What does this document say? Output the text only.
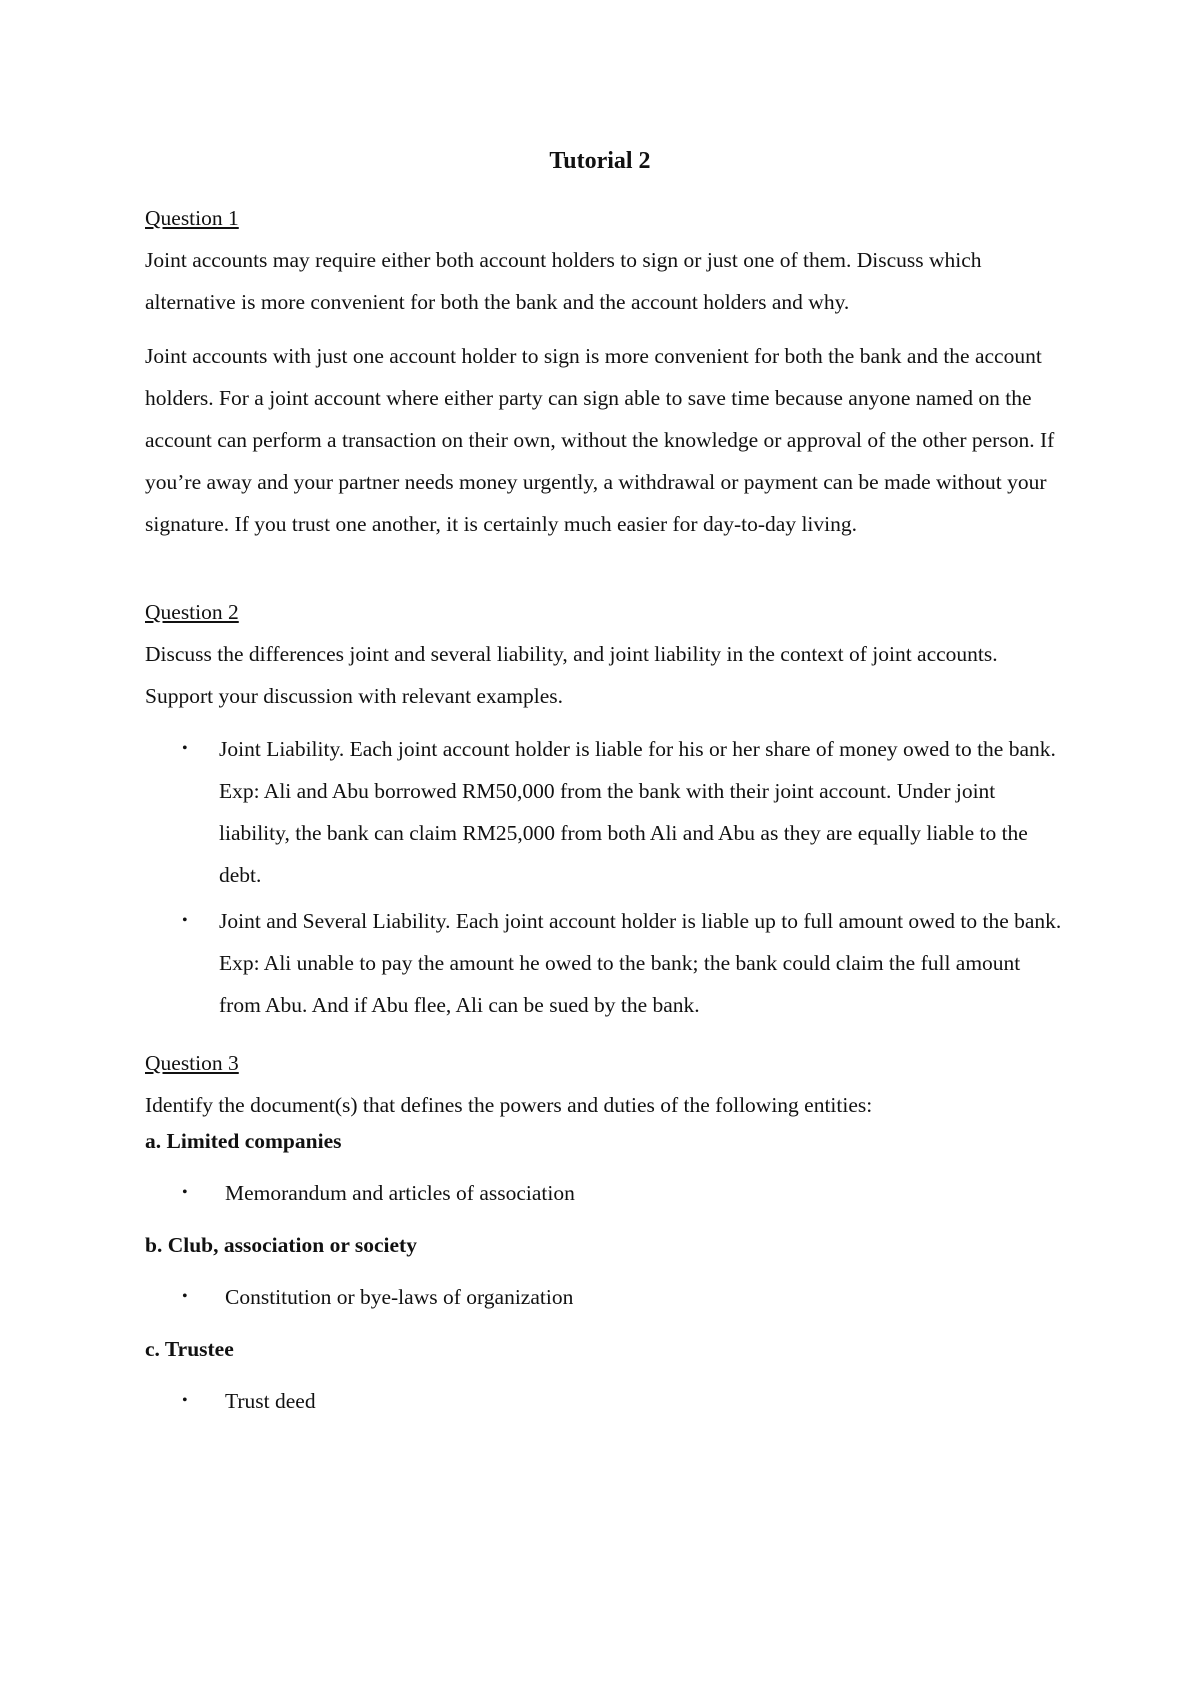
Tutorial 2
Question 1

Joint accounts may require either both account holders to sign or just one of them. Discuss which alternative is more convenient for both the bank and the account holders and why.

Joint accounts with just one account holder to sign is more convenient for both the bank and the account holders. For a joint account where either party can sign able to save time because anyone named on the account can perform a transaction on their own, without the knowledge or approval of the other person. If you’re away and your partner needs money urgently, a withdrawal or payment can be made without your signature. If you trust one another, it is certainly much easier for day-to-day living.

Question 2

Discuss the differences joint and several liability, and joint liability in the context of joint accounts. Support your discussion with relevant examples.

• Joint Liability. Each joint account holder is liable for his or her share of money owed to the bank. Exp: Ali and Abu borrowed RM50,000 from the bank with their joint account. Under joint liability, the bank can claim RM25,000 from both Ali and Abu as they are equally liable to the debt.
• Joint and Several Liability. Each joint account holder is liable up to full amount owed to the bank. Exp: Ali unable to pay the amount he owed to the bank; the bank could claim the full amount from Abu. And if Abu flee, Ali can be sued by the bank.
Question 3

Identify the document(s) that defines the powers and duties of the following entities:

a. Limited companies

• Memorandum and articles of association

b. Club, association or society

• Constitution or bye-laws of organization

c. Trustee

• Trust deed
